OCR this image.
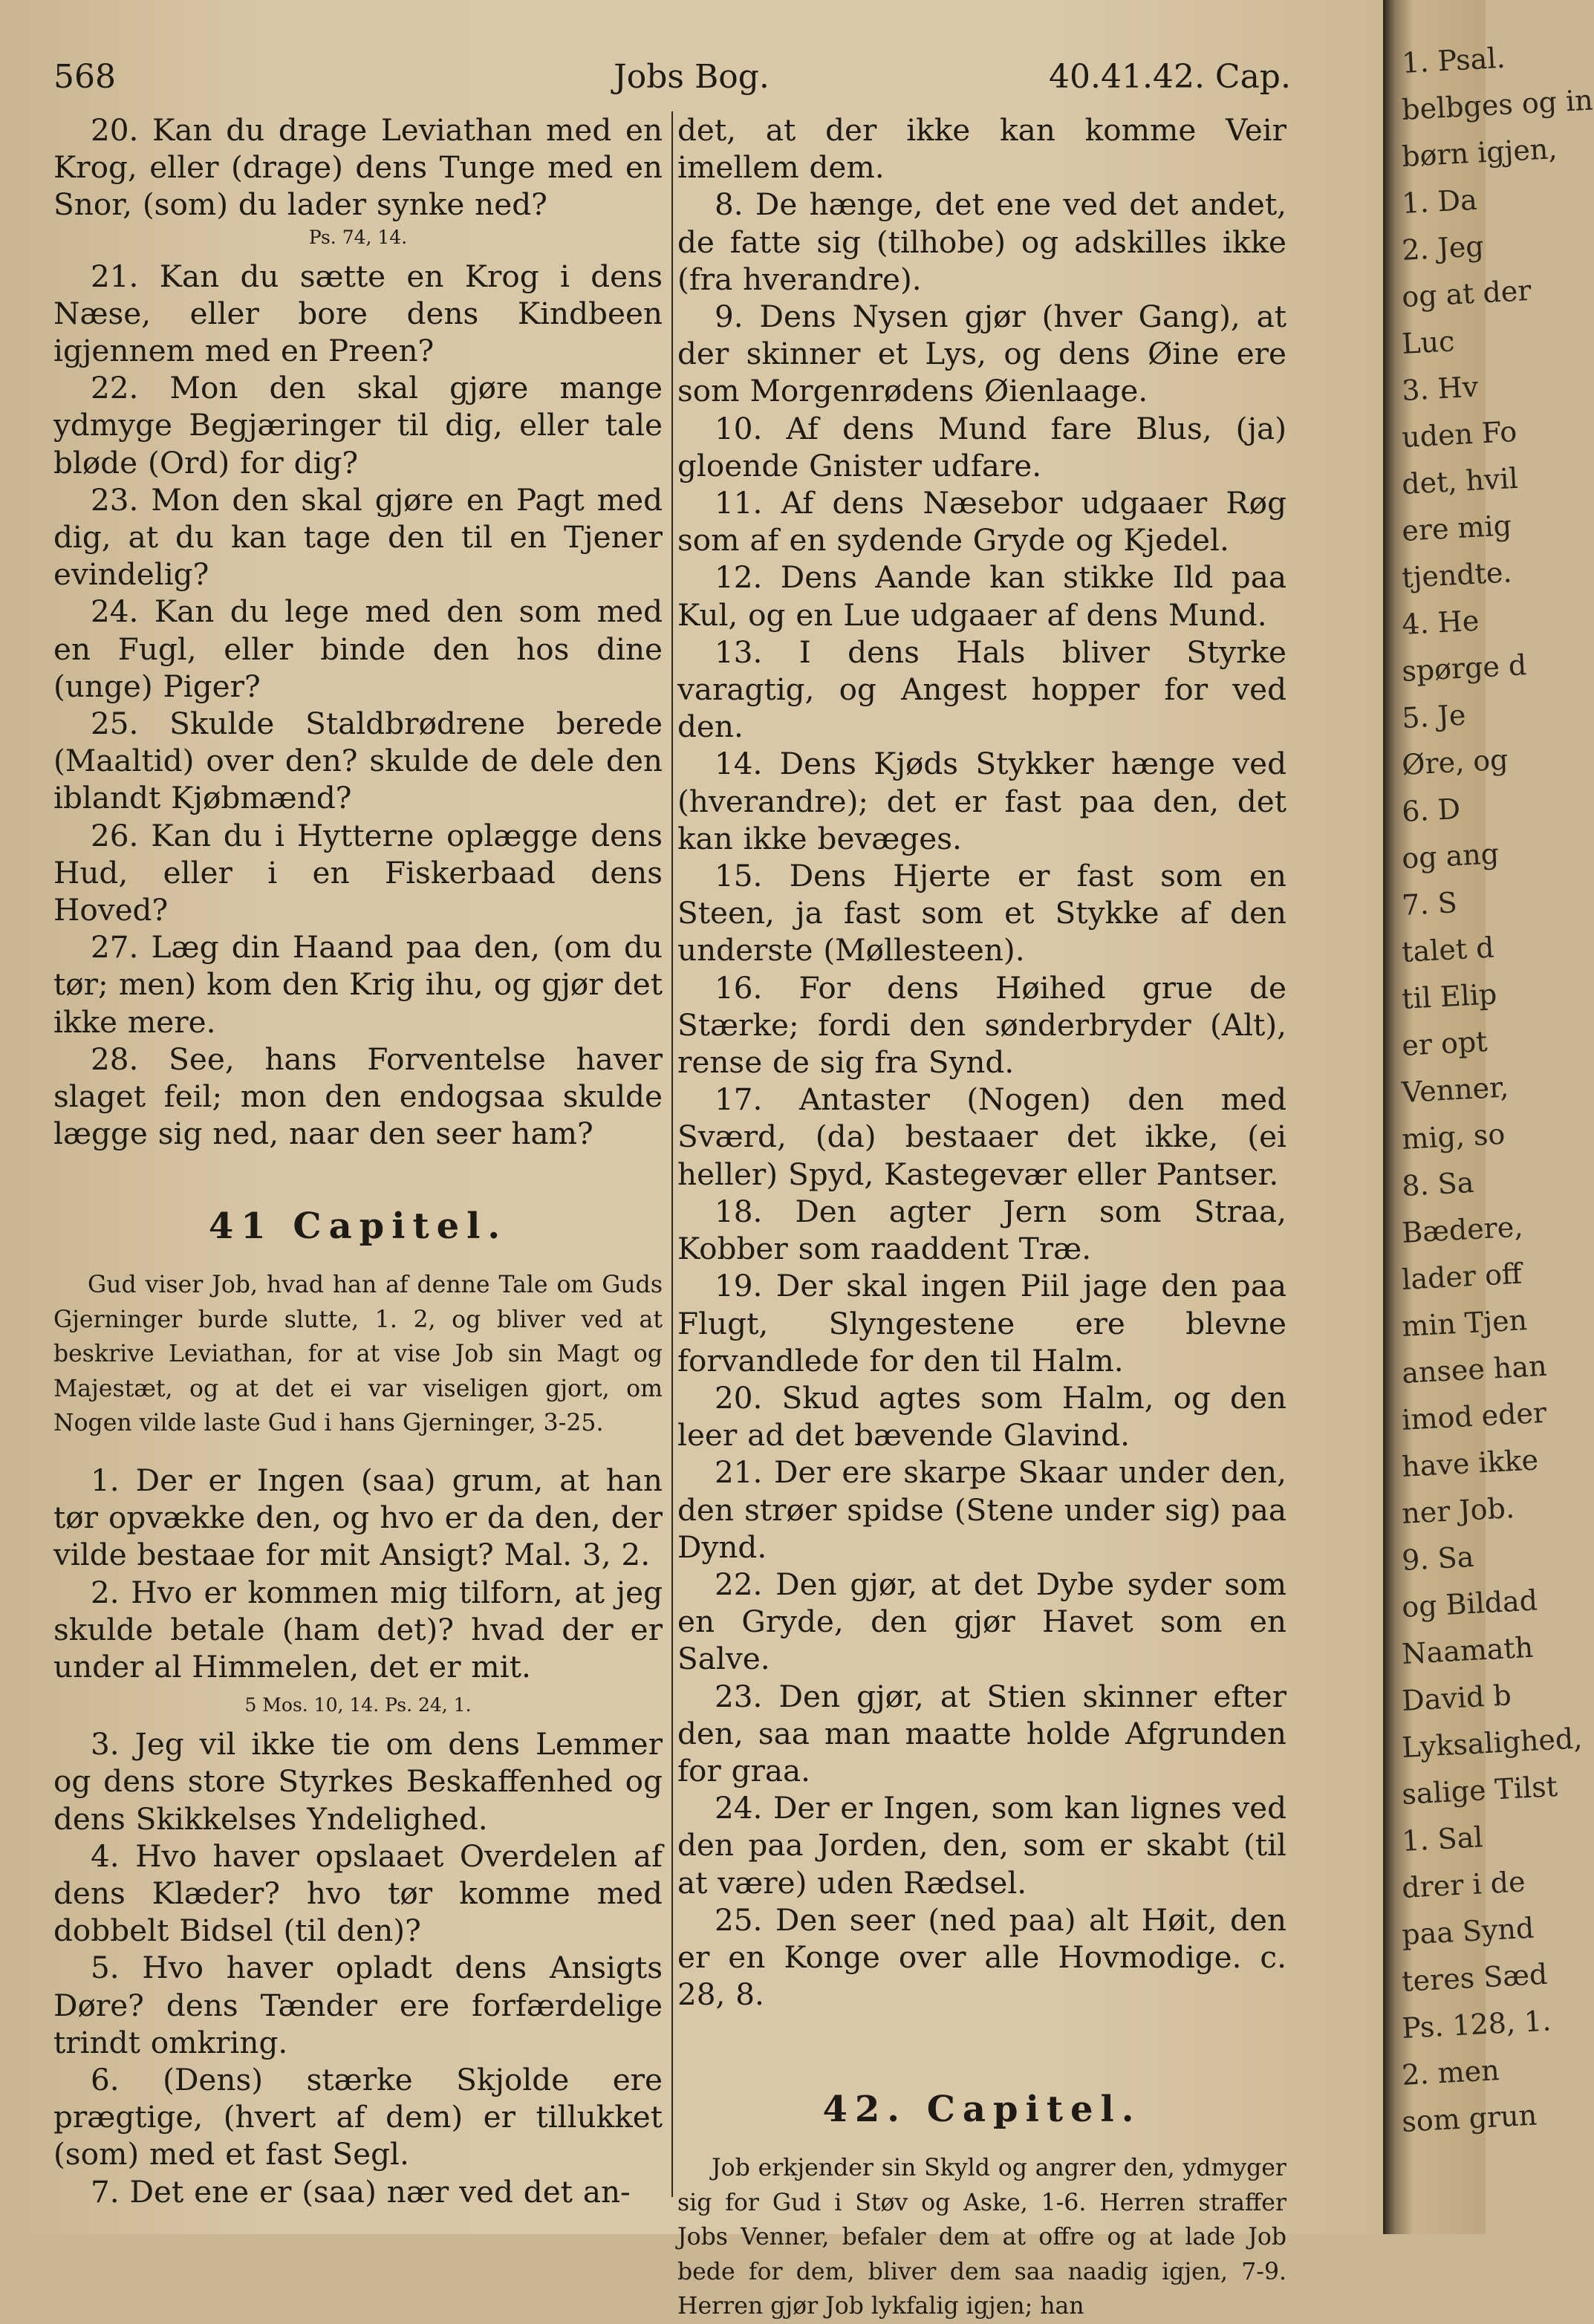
568	Jobs Bog.	40.41.42. Cap.

20. Kan du drage Leviathan med en Krog, eller (drage) dens Tunge med en Snor, (som) du lader synke ned?

Ps. 74, 14.

21. Kan du sætte en Krog i dens Næse, eller bore dens Kindbeen igjennem med en Preen?

22. Mon den skal gjøre mange ydmyge Begjæringer til dig, eller tale bløde (Ord) for dig?

23. Mon den skal gjøre en Pagt med dig, at du kan tage den til en Tjener evindelig?

24. Kan du lege med den som med en Fugl, eller binde den hos dine (unge) Piger?

25. Skulde Staldbrødrene berede (Maaltid) over den? skulde de dele den iblandt Kjøbmænd?

26. Kan du i Hytterne oplægge dens Hud, eller i en Fiskerbaad dens Hoved?

27. Læg din Haand paa den, (om du tør; men) kom den Krig ihu, og gjør det ikke mere.

28. See, hans Forventelse haver slaget feil; mon den endogsaa skulde lægge sig ned, naar den seer ham?

41 Capitel.

Gud viser Job, hvad han af denne Tale om Guds Gjerninger burde slutte, 1. 2, og bliver ved at beskrive Leviathan, for at vise Job sin Magt og Majestæt, og at det ei var viseligen gjort, om Nogen vilde laste Gud i hans Gjerninger, 3-25.

1. Der er Ingen (saa) grum, at han tør opvække den, og hvo er da den, der vilde bestaae for mit Ansigt? Mal. 3, 2.

2. Hvo er kommen mig tilforn, at jeg skulde betale (ham det)? hvad der er under al Himmelen, det er mit.

5 Mos. 10, 14. Ps. 24, 1.

3. Jeg vil ikke tie om dens Lemmer og dens store Styrkes Beskaffenhed og dens Skikkelses Yndelighed.

4. Hvo haver opslaaet Overdelen af dens Klæder? hvo tør komme med dobbelt Bidsel (til den)?

5. Hvo haver opladt dens Ansigts Døre? dens Tænder ere forfærdelige trindt omkring.

6. (Dens) stærke Skjolde ere prægtige, (hvert af dem) er tillukket (som) med et fast Segl.

7. Det ene er (saa) nær ved det an-

det, at der ikke kan komme Veir imellem dem.

8. De hænge, det ene ved det andet, de fatte sig (tilhobe) og adskilles ikke (fra hverandre).

9. Dens Nysen gjør (hver Gang), at der skinner et Lys, og dens Øine ere som Morgenrødens Øienlaage.

10. Af dens Mund fare Blus, (ja) gloende Gnister udfare.

11. Af dens Næsebor udgaaer Røg som af en sydende Gryde og Kjedel.

12. Dens Aande kan stikke Ild paa Kul, og en Lue udgaaer af dens Mund.

13. I dens Hals bliver Styrke varagtig, og Angest hopper for ved den.

14. Dens Kjøds Stykker hænge ved (hverandre); det er fast paa den, det kan ikke bevæges.

15. Dens Hjerte er fast som en Steen, ja fast som et Stykke af den underste (Møllesteen).

16. For dens Høihed grue de Stærke; fordi den sønderbryder (Alt), rense de sig fra Synd.

17. Antaster (Nogen) den med Sværd, (da) bestaaer det ikke, (ei heller) Spyd, Kastegevær eller Pantser.

18. Den agter Jern som Straa, Kobber som raaddent Træ.

19. Der skal ingen Piil jage den paa Flugt, Slyngestene ere blevne forvandlede for den til Halm.

20. Skud agtes som Halm, og den leer ad det bævende Glavind.

21. Der ere skarpe Skaar under den, den strøer spidse (Stene under sig) paa Dynd.

22. Den gjør, at det Dybe syder som en Gryde, den gjør Havet som en Salve.

23. Den gjør, at Stien skinner efter den, saa man maatte holde Afgrunden for graa.

24. Der er Ingen, som kan lignes ved den paa Jorden, den, som er skabt (til at være) uden Rædsel.

25. Den seer (ned paa) alt Høit, den er en Konge over alle Hovmodige. c. 28, 8.

42. Capitel.

Job erkjender sin Skyld og angrer den, ydmyger sig for Gud i Støv og Aske, 1-6. Herren straffer Jobs Venner, befaler dem at offre og at lade Job bede for dem, bliver dem saa naadig igjen, 7-9. Herren gjør Job lykfalig igjen; han

1. Psal.
belbges og in
børn igjen,
1. Da
2. Jeg
og at der
Luc
3. Hv
uden Fo
det, hvil
ere mig
tjendte.
4. He
spørge d
5. Je
Øre, og
6. D
og ang
7. S
talet d
til Elip
er opt
Venner,
mig, so
8. Sa
Bædere,
lader off
min Tjen
ansee han
imod eder
have ikke
ner Job.
9. Sa
og Bildad
Naamath
David b
Lyksalighed,
salige Tilst
1. Sal
drer i de
paa Synd
teres Sæd
Ps. 128, 1.
2. men
som grun
